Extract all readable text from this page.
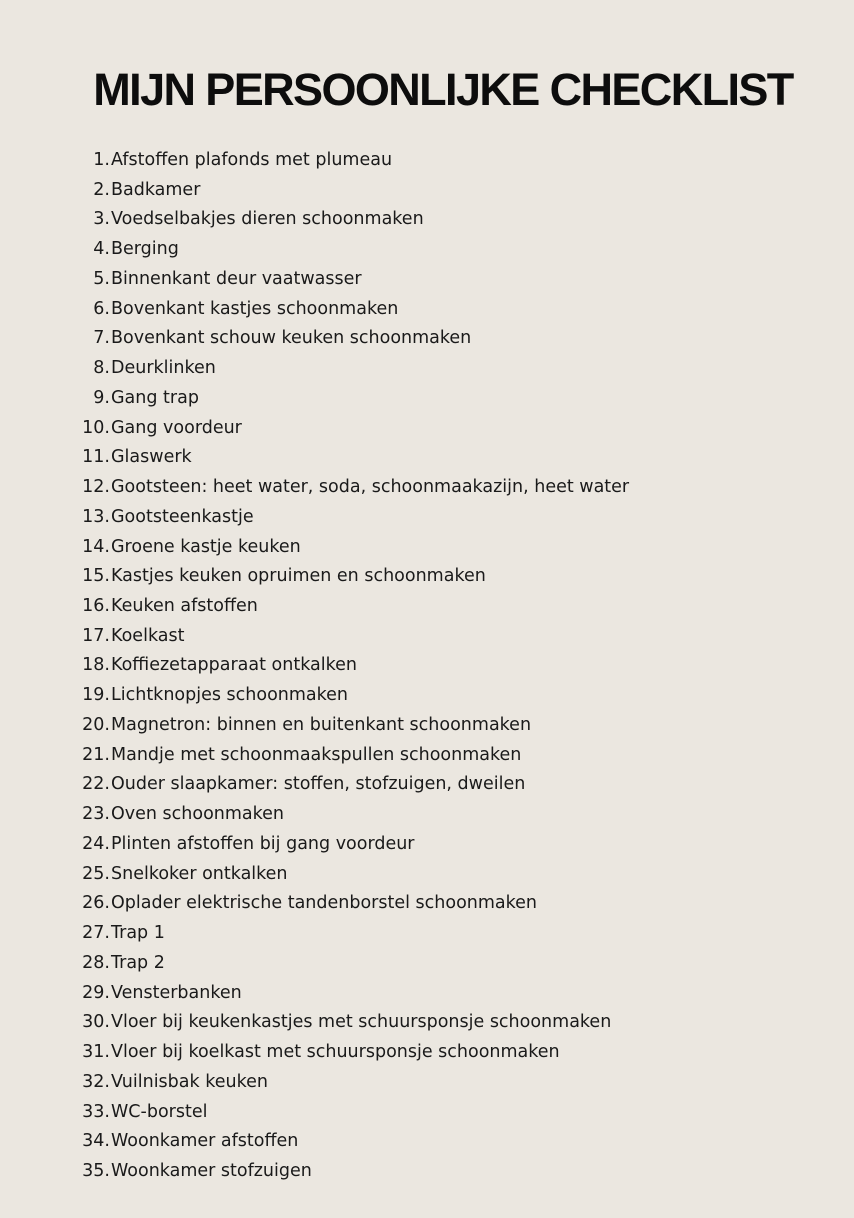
MIJN PERSOONLIJKE CHECKLIST
1. Afstoffen plafonds met plumeau
2. Badkamer
3. Voedselbakjes dieren schoonmaken
4. Berging
5. Binnenkant deur vaatwasser
6. Bovenkant kastjes schoonmaken
7. Bovenkant schouw keuken schoonmaken
8. Deurklinken
9. Gang trap
10. Gang voordeur
11. Glaswerk
12. Gootsteen: heet water, soda, schoonmaakazijn, heet water
13. Gootsteenkastje
14. Groene kastje keuken
15. Kastjes keuken opruimen en schoonmaken
16. Keuken afstoffen
17. Koelkast
18. Koffiezetapparaat ontkalken
19. Lichtknopjes schoonmaken
20. Magnetron: binnen en buitenkant schoonmaken
21. Mandje met schoonmaakspullen schoonmaken
22. Ouder slaapkamer: stoffen, stofzuigen, dweilen
23. Oven schoonmaken
24. Plinten afstoffen bij gang voordeur
25. Snelkoker ontkalken
26. Oplader elektrische tandenborstel schoonmaken
27. Trap 1
28. Trap 2
29. Vensterbanken
30. Vloer bij keukenkastjes met schuursponsje schoonmaken
31. Vloer bij koelkast met schuursponsje schoonmaken
32. Vuilnisbak keuken
33. WC-borstel
34. Woonkamer afstoffen
35. Woonkamer stofzuigen
